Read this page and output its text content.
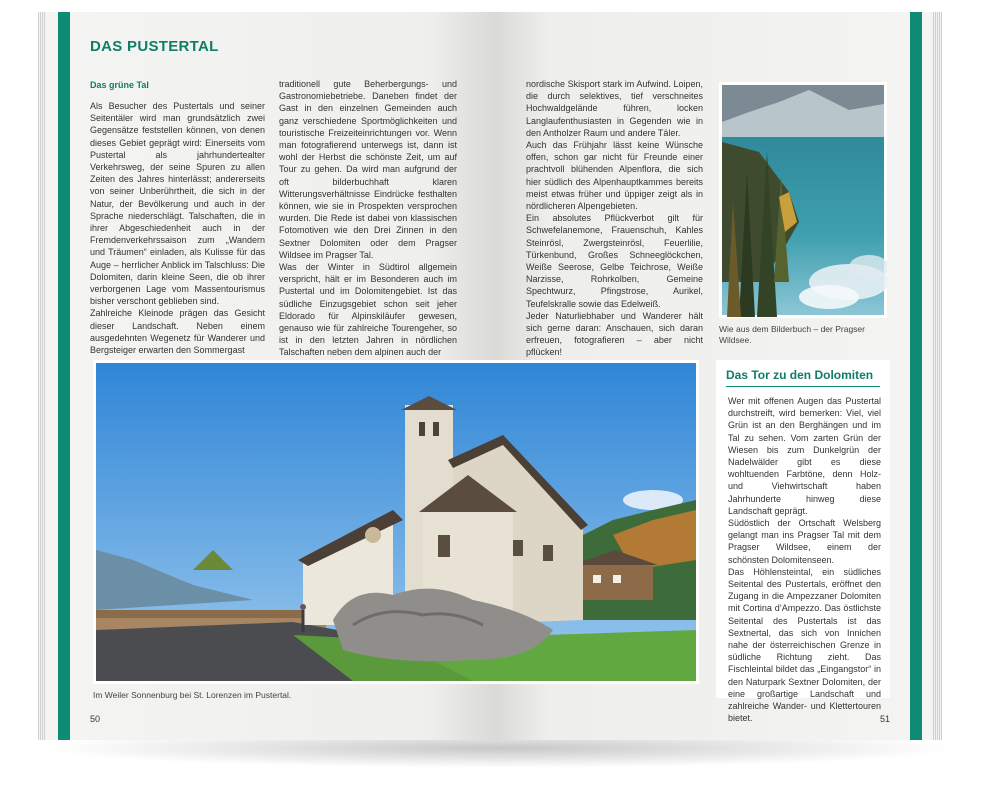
DAS PUSTERTAL
Das grüne Tal

Als Besucher des Pustertals und seiner Seitentäler wird man grundsätzlich zwei Gegensätze feststellen können, von denen dieses Gebiet geprägt wird: Einerseits vom Pustertal als jahrhundertealter Verkehrsweg, der seine Spuren zu allen Zeiten des Jahres hinterlässt; andererseits von seiner Unberührtheit, die sich in der Natur, der Bevölkerung und auch in der Sprache niederschlägt. Talschaften, die in ihrer Abgeschiedenheit auch in der Fremdenverkehrssaison zum „Wandern und Träumen“ einladen, als Kulisse für das Auge – herrlicher Anblick im Talschluss: Die Dolomiten, darin kleine Seen, die ob ihrer verborgenen Lage vom Massentourismus bisher verschont geblieben sind.

Zahlreiche Kleinode prägen das Gesicht dieser Landschaft. Neben einem ausgedehnten Wegenetz für Wanderer und Bergsteiger erwarten den Sommergast

traditionell gute Beherbergungs- und Gastronomiebetriebe. Daneben findet der Gast in den einzelnen Gemeinden auch ganz verschiedene Sportmöglichkeiten und touristische Freizeiteinrichtungen vor. Wenn man fotografierend unterwegs ist, dann ist wohl der Herbst die schönste Zeit, um auf Tour zu gehen. Da wird man aufgrund der oft bilderbuchhaft klaren Witterungsverhältnisse Eindrücke festhalten können, wie sie in Prospekten versprochen wurden. Die Rede ist dabei von klassischen Fotomotiven wie den Drei Zinnen in den Sextner Dolomiten oder dem Pragser Wildsee im Pragser Tal.

Was der Winter in Südtirol allgemein verspricht, hält er im Besonderen auch im Pustertal und im Dolomitengebiet. Ist das südliche Einzugsgebiet schon seit jeher Eldorado für Alpinskiläufer gewesen, genauso wie für zahlreiche Tourengeher, so ist in den letzten Jahren in nördlichen Talschaften neben dem alpinen auch der

nordische Skisport stark im Aufwind. Loipen, die durch selektives, tief verschneites Hochwaldgelände führen, locken Langlaufenthusiasten in Gegenden wie in den Antholzer Raum und andere Täler.

Auch das Frühjahr lässt keine Wünsche offen, schon gar nicht für Freunde einer prachtvoll blühenden Alpenflora, die sich hier südlich des Alpenhauptkammes bereits meist etwas früher und üppiger zeigt als in nördlicheren Alpengebieten.

Ein absolutes Pflückverbot gilt für Schwefelanemone, Frauenschuh, Kahles Steinrösl, Zwergsteinrösl, Feuerlilie, Türkenbund, Großes Schneeglöckchen, Weiße Seerose, Gelbe Teichrose, Weiße Narzisse, Rohrkolben, Gemeine Spechtwurz, Pfingstrose, Aurikel, Teufelskralle sowie das Edelweiß.

Jeder Naturliebhaber und Wanderer hält sich gerne daran: Anschauen, sich daran erfreuen, fotografieren – aber nicht pflücken!

Wie aus dem Bilderbuch – der Pragser Wildsee.
Im Weiler Sonnenburg bei St. Lorenzen im Pustertal.
Das Tor zu den Dolomiten
Wer mit offenen Augen das Pustertal durchstreift, wird bemerken: Viel, viel Grün ist an den Berghängen und im Tal zu sehen. Vom zarten Grün der Wiesen bis zum Dunkelgrün der Nadelwälder gibt es diese wohltuenden Farbtöne, denn Holz- und Viehwirtschaft haben Jahrhunderte hinweg diese Landschaft geprägt.
Südöstlich der Ortschaft Welsberg gelangt man ins Pragser Tal mit dem Pragser Wildsee, einem der schönsten Dolomitenseen.
Das Höhlensteintal, ein südliches Seitental des Pustertals, eröffnet den Zugang in die Ampezzaner Dolomiten mit Cortina d’Ampezzo. Das östlichste Seitental des Pustertals ist das Sextnertal, das sich von Innichen nahe der österreichischen Grenze in südliche Richtung zieht. Das Fischleintal bildet das „Eingangstor“ in den Naturpark Sextner Dolomiten, der eine großartige Landschaft und zahlreiche Wander- und Klettertouren bietet.
50	51
